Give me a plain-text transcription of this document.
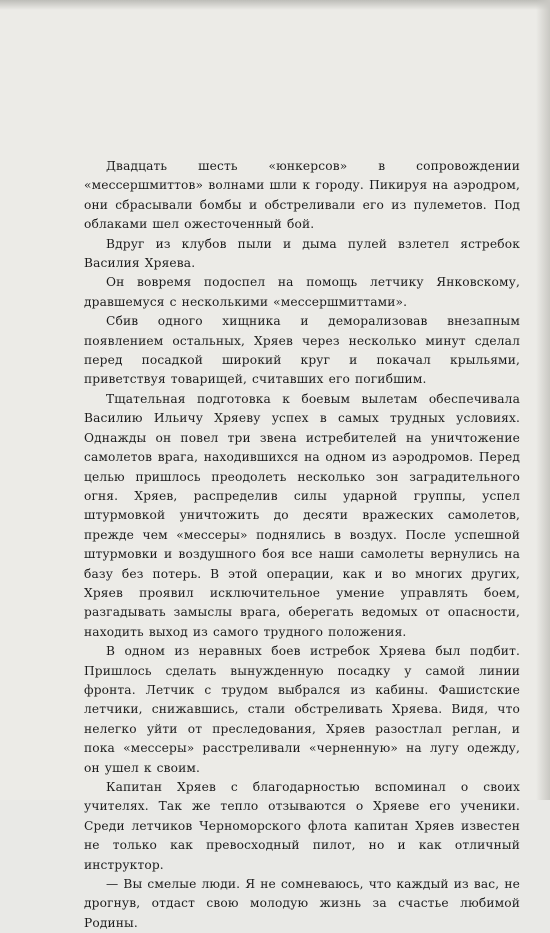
Двадцать шесть «юнкерсов» в сопровождении «мессершмиттов» волнами шли к городу. Пикируя на аэродром, они сбрасывали бомбы и обстреливали его из пулеметов. Под облаками шел ожесточенный бой.

Вдруг из клубов пыли и дыма пулей взлетел ястребок Василия Хряева.

Он вовремя подоспел на помощь летчику Янковскому, дравшемуся с несколькими «мессершмиттами».

Сбив одного хищника и деморализовав внезапным появлением остальных, Хряев через несколько минут сделал перед посадкой широкий круг и покачал крыльями, приветствуя товарищей, считавших его погибшим.

Тщательная подготовка к боевым вылетам обеспечивала Василию Ильичу Хряеву успех в самых трудных условиях. Однажды он повел три звена истребителей на уничтожение самолетов врага, находившихся на одном из аэродромов. Перед целью пришлось преодолеть несколько зон заградительного огня. Хряев, распределив силы ударной группы, успел штурмовкой уничтожить до десяти вражеских самолетов, прежде чем «мессеры» поднялись в воздух. После успешной штурмовки и воздушного боя все наши самолеты вернулись на базу без потерь. В этой операции, как и во многих других, Хряев проявил исключительное умение управлять боем, разгадывать замыслы врага, оберегать ведомых от опасности, находить выход из самого трудного положения.

В одном из неравных боев истребок Хряева был подбит. Пришлось сделать вынужденную посадку у самой линии фронта. Летчик с трудом выбрался из кабины. Фашистские летчики, снижавшись, стали обстреливать Хряева. Видя, что нелегко уйти от преследования, Хряев разостлал реглан, и пока «мессеры» расстреливали «черненную» на лугу одежду, он ушел к своим.

Капитан Хряев с благодарностью вспоминал о своих учителях. Так же тепло отзываются о Хряеве его ученики. Среди летчиков Черноморского флота капитан Хряев известен не только как превосходный пилот, но и как отличный инструктор.

— Вы смелые люди. Я не сомневаюсь, что каждый из вас, не дрогнув, отдаст свою молодую жизнь за счастье любимой Родины.
